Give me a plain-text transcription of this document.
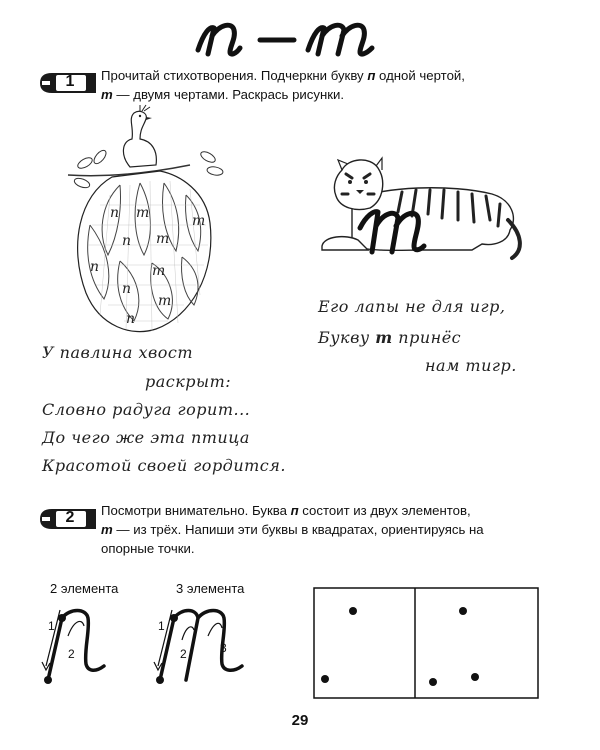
1	Прочитай стихотворения. Подчеркни букву п одной чертой,
т — двумя чертами. Раскрась рисунки.
п т
п т
т
п
п
т
т
п
Его лапы не для игр,
Букву т принёс
нам тигр.
У павлина хвост
раскрыт:
Словно радуга горит...
До чего же эта птица
Красотой своей гордится.
2	Посмотри внимательно. Буква п состоит из двух элементов,
т — из трёх. Напиши эти буквы в квадратах, ориентируясь на
опорные точки.
2 элемента	3 элемента
1
2
1
2	3
29
